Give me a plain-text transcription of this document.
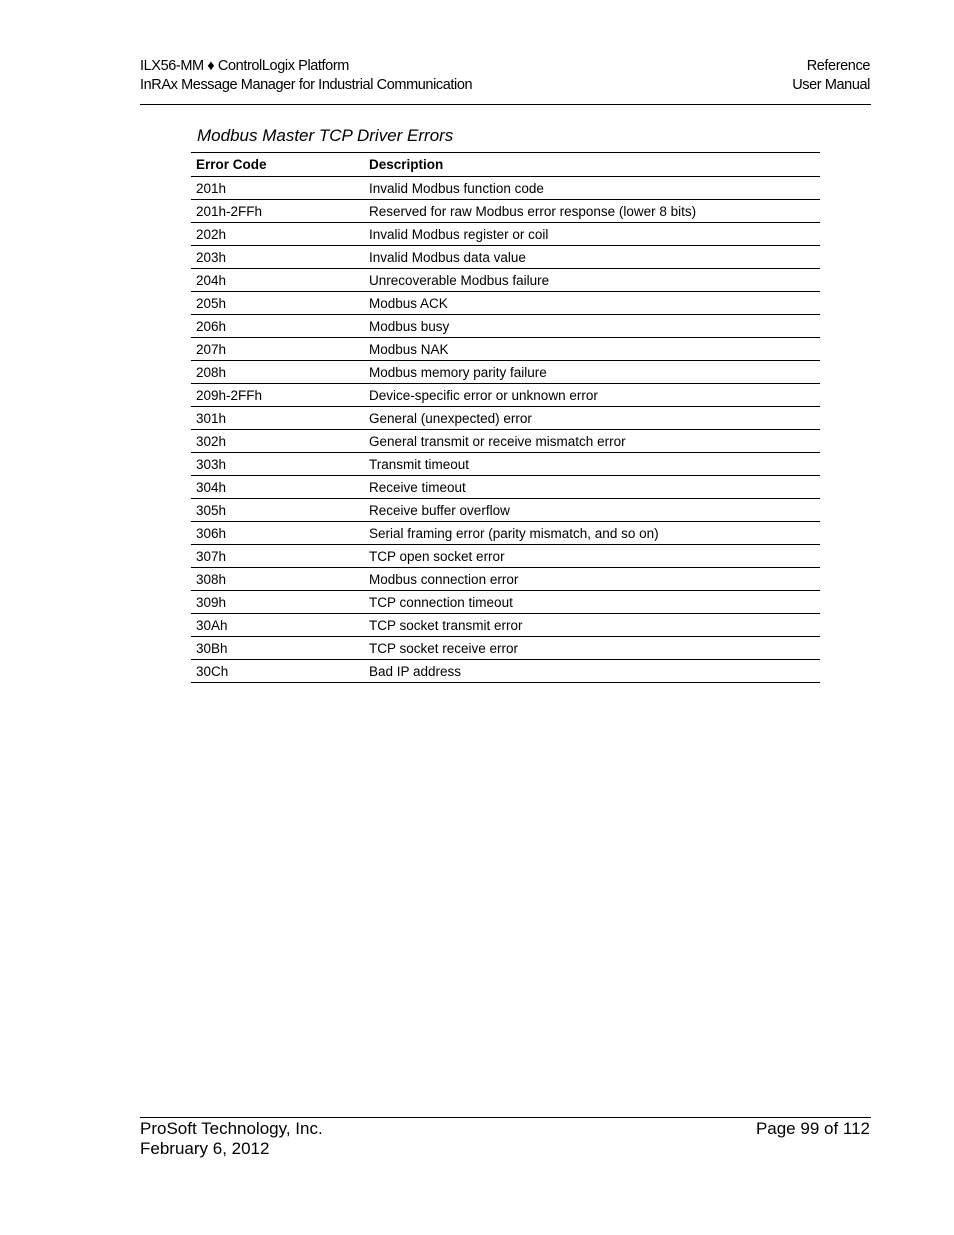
ILX56-MM ♦ ControlLogix Platform	Reference
InRAx Message Manager for Industrial Communication	User Manual
Modbus Master TCP Driver Errors
Error Code	Description
201h	Invalid Modbus function code
201h-2FFh	Reserved for raw Modbus error response (lower 8 bits)
202h	Invalid Modbus register or coil
203h	Invalid Modbus data value
204h	Unrecoverable Modbus failure
205h	Modbus ACK
206h	Modbus busy
207h	Modbus NAK
208h	Modbus memory parity failure
209h-2FFh	Device-specific error or unknown error
301h	General (unexpected) error
302h	General transmit or receive mismatch error
303h	Transmit timeout
304h	Receive timeout
305h	Receive buffer overflow
306h	Serial framing error (parity mismatch, and so on)
307h	TCP open socket error
308h	Modbus connection error
309h	TCP connection timeout
30Ah	TCP socket transmit error
30Bh	TCP socket receive error
30Ch	Bad IP address
ProSoft Technology, Inc.	Page 99 of 112
February 6, 2012
